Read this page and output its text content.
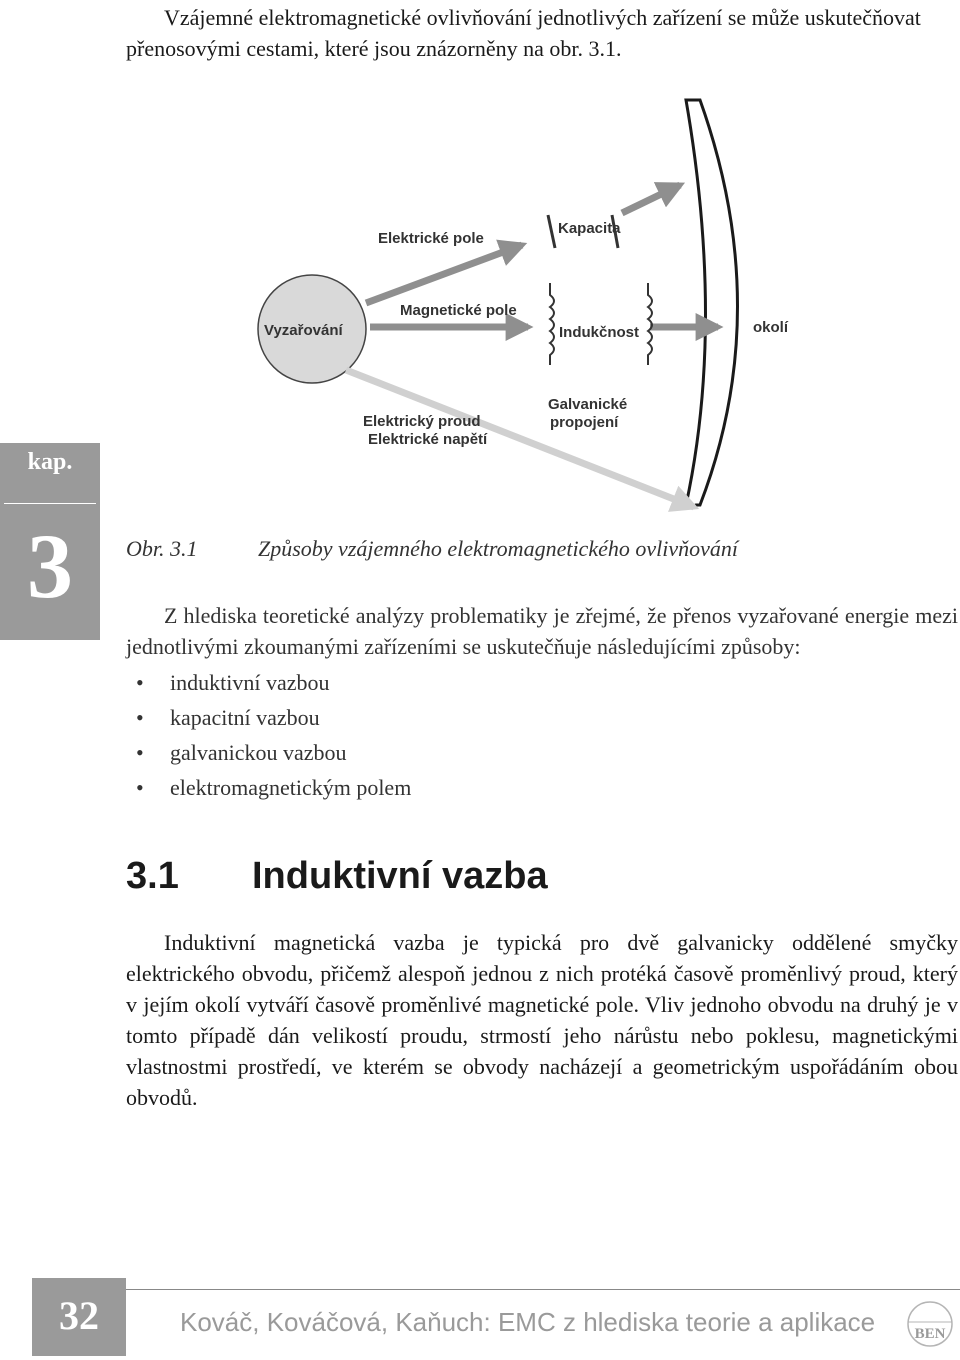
Vzájemné elektromagnetické ovlivňování jednotlivých zařízení se může uskutečňovat přenosovými cestami, které jsou znázorněny na obr. 3.1.

Vyzařování	okolí
Elektrické pole
Kapacita
Magnetické pole
Indukčnost
Galvanické
propojení
Elektrický proud
Elektrické napětí
kap.
3	Obr. 3.1	Způsoby vzájemného elektromagnetického ovlivňování

Z hlediska teoretické analýzy problematiky je zřejmé, že přenos vyzařované energie mezi jednotlivými zkoumanými zařízeními se uskutečňuje následujícími způsoby:

• induktivní vazbou
• kapacitní vazbou
• galvanickou vazbou
• elektromagnetickým polem
3.1 Induktivní vazba

Induktivní magnetická vazba je typická pro dvě galvanicky oddělené smyčky elektrického obvodu, přičemž alespoň jednou z nich protéká časově proměnlivý proud, který v jejím okolí vytváří časově proměnlivé magnetické pole. Vliv jednoho obvodu na druhý je v tomto případě dán velikostí proudu, strmostí jeho nárůstu nebo poklesu, magnetickými vlastnostmi prostředí, ve kterém se obvody nacházejí a geometrickým uspořádáním obou obvodů.

32	Kováč, Kováčová, Kaňuch: EMC z hlediska teorie a aplikace	BEN
